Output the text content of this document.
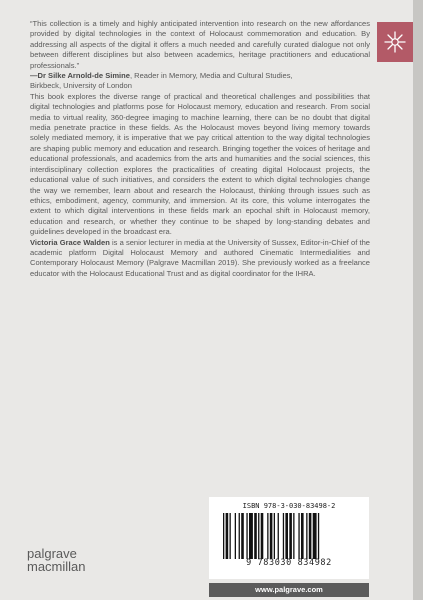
“This collection is a timely and highly anticipated intervention into research on the new affordances provided by digital technologies in the context of Holocaust commemoration and education. By addressing all aspects of the digital it offers a much needed and carefully curated dialogue not only between different disciplines but also between academics, heritage practitioners and educational professionals.”

—Dr Silke Arnold-de Simine, Reader in Memory, Media and Cultural Studies,
Birkbeck, University of London

This book explores the diverse range of practical and theoretical challenges and possibilities that digital technologies and platforms pose for Holocaust memory, education and research. From social media to virtual reality, 360-degree imaging to machine learning, there can be no doubt that digital media penetrate practice in these fields. As the Holocaust moves beyond living memory towards solely mediated memory, it is imperative that we pay critical attention to the way digital technologies are shaping public memory and education and research. Bringing together the voices of heritage and educational professionals, and academics from the arts and humanities and the social sciences, this interdisciplinary collection explores the practicalities of creating digital Holocaust projects, the educational value of such initiatives, and considers the extent to which digital technologies change the way we remember, learn about and research the Holocaust, thinking through issues such as ethics, embodiment, agency, community, and immersion. At its core, this volume interrogates the extent to which digital interventions in these fields mark an epochal shift in Holocaust memory, education and research, or whether they continue to be shaped by long-standing debates and guidelines developed in the broadcast era.

Victoria Grace Walden is a senior lecturer in media at the University of Sussex, Editor-in-Chief of the academic platform Digital Holocaust Memory and authored Cinematic Intermedialities and Contemporary Holocaust Memory (Palgrave Macmillan 2019). She previously worked as a freelance educator with the Holocaust Educational Trust and as digital coordinator for the IHRA.

ISBN 978-3-030-83498-2
9 783030 834982
www.palgrave.com
palgrave
macmillan
